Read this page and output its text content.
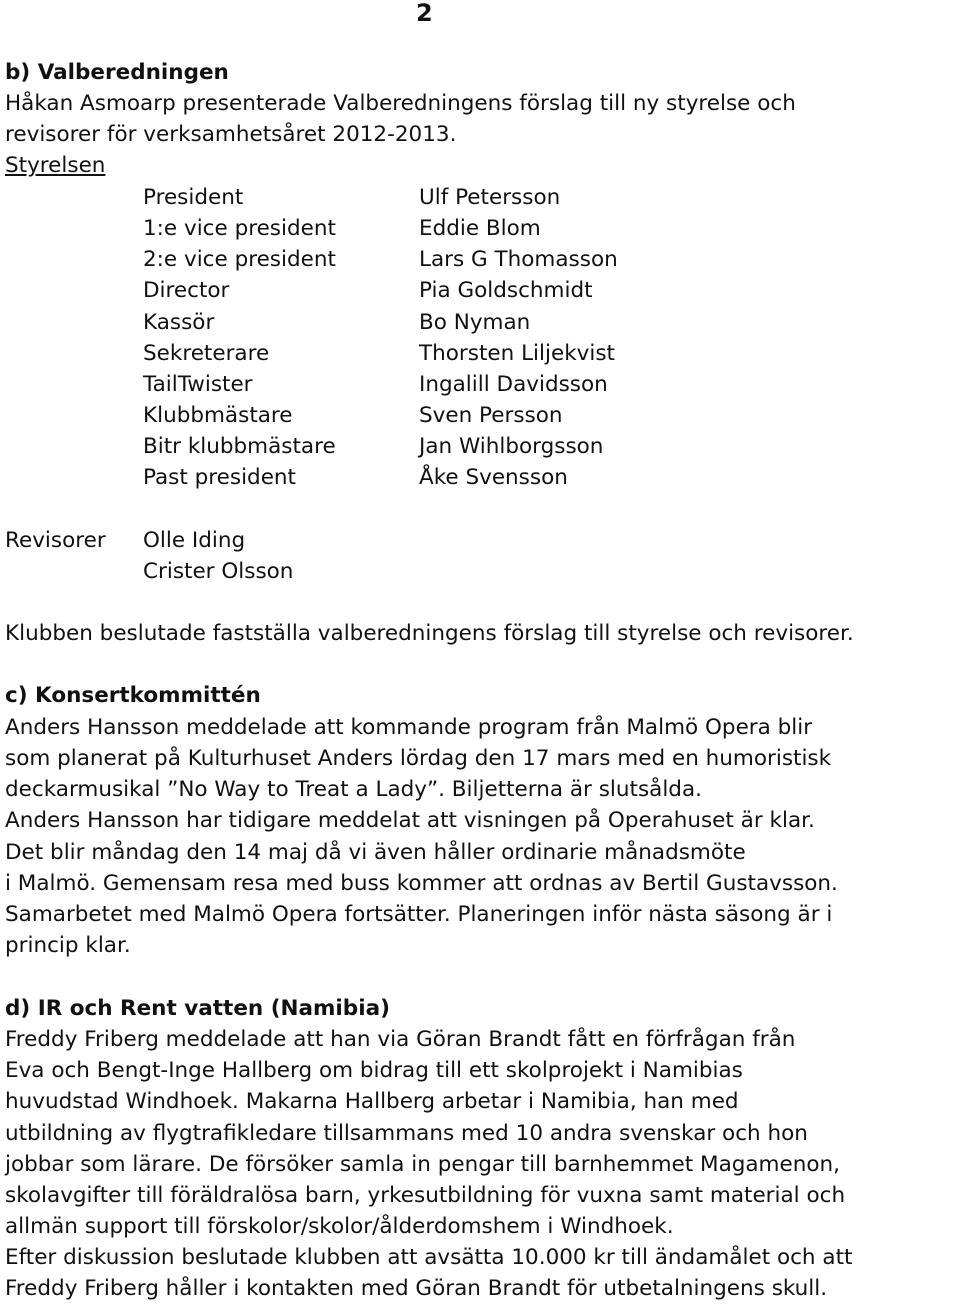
2
b) Valberedningen
Håkan Asmoarp presenterade Valberedningens förslag till ny styrelse och
revisorer för verksamhetsåret 2012-2013.
Styrelsen
President	Ulf Petersson
1:e vice president	Eddie Blom
2:e vice president	Lars G Thomasson
Director	Pia Goldschmidt
Kassör	Bo Nyman
Sekreterare	Thorsten Liljekvist
TailTwister	Ingalill Davidsson
Klubbmästare	Sven Persson
Bitr klubbmästare	Jan Wihlborgsson
Past president	Åke Svensson
Revisorer Olle Iding
Crister Olsson
Klubben beslutade fastställa valberedningens förslag till styrelse och revisorer.
c) Konsertkommittén
Anders Hansson meddelade att kommande program från Malmö Opera blir
som planerat på Kulturhuset Anders lördag den 17 mars med en humoristisk
deckarmusikal ”No Way to Treat a Lady”. Biljetterna är slutsålda.
Anders Hansson har tidigare meddelat att visningen på Operahuset är klar.
Det blir måndag den 14 maj då vi även håller ordinarie månadsmöte
i Malmö. Gemensam resa med buss kommer att ordnas av Bertil Gustavsson.
Samarbetet med Malmö Opera fortsätter. Planeringen inför nästa säsong är i
princip klar.
d) IR och Rent vatten (Namibia)
Freddy Friberg meddelade att han via Göran Brandt fått en förfrågan från
Eva och Bengt-Inge Hallberg om bidrag till ett skolprojekt i Namibias
huvudstad Windhoek. Makarna Hallberg arbetar i Namibia, han med
utbildning av flygtrafikledare tillsammans med 10 andra svenskar och hon
jobbar som lärare. De försöker samla in pengar till barnhemmet Magamenon,
skolavgifter till föräldralösa barn, yrkesutbildning för vuxna samt material och
allmän support till förskolor/skolor/ålderdomshem i Windhoek.
Efter diskussion beslutade klubben att avsätta 10.000 kr till ändamålet och att
Freddy Friberg håller i kontakten med Göran Brandt för utbetalningens skull.
